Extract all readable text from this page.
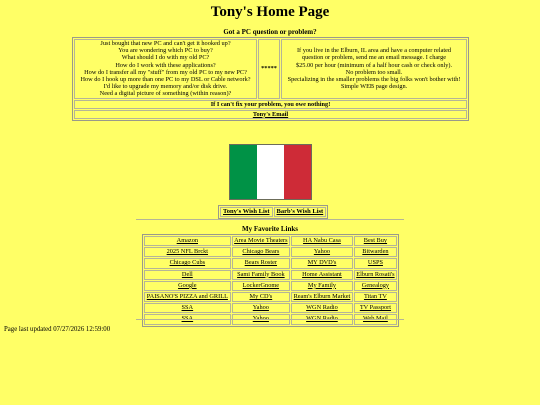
Tony's Home Page
Got a PC question or problem?
Just bought that new PC and can't get it hooked up?
You are wondering which PC to buy?
What should I do with my old PC?
How do I work with these applications?
How do I transfer all my "stuff" from my old PC to my new PC?
How do I hook up more than one PC to my DSL or Cable network?
I'd like to upgrade my memory and/or disk drive.
Need a digital picture of something (within reason)?
	*****	
If you live in the Elburn, IL area and have a computer related
question or problem, send me an email message. I charge
$25.00 per hour (minimum of a half hour cash or check only).
No problem too small.
Specializing in the smaller problems the big folks won't bother with!
Simple WEB page design.

If I can't fix your problem, you owe nothing!
Tony's Email
Tony's Wish List	Barb's Wish List
My Favorite Links
Amazon	Area Movie Theaters	HA Nabu Casa	Best Buy
2025 NFL Brckt	Chicago Bears	Yahoo	Bitwarden
Chicago Cubs	Bears Roster	MY DVD's	USPS
Dell	Sami Family Book	Home Assistant	Elburn Rosati's
Google	LockerGnome	My Family	Genealogy
PAISANO'S PIZZA and GRILL	My CD's	Ream's Elburn Market	Titan TV
SSA	Yahoo	WGN Radio	TV Passport
SSA	Yahoo	WGN Radio	Web Mail
Page last updated 07/27/2026 12:59:00
